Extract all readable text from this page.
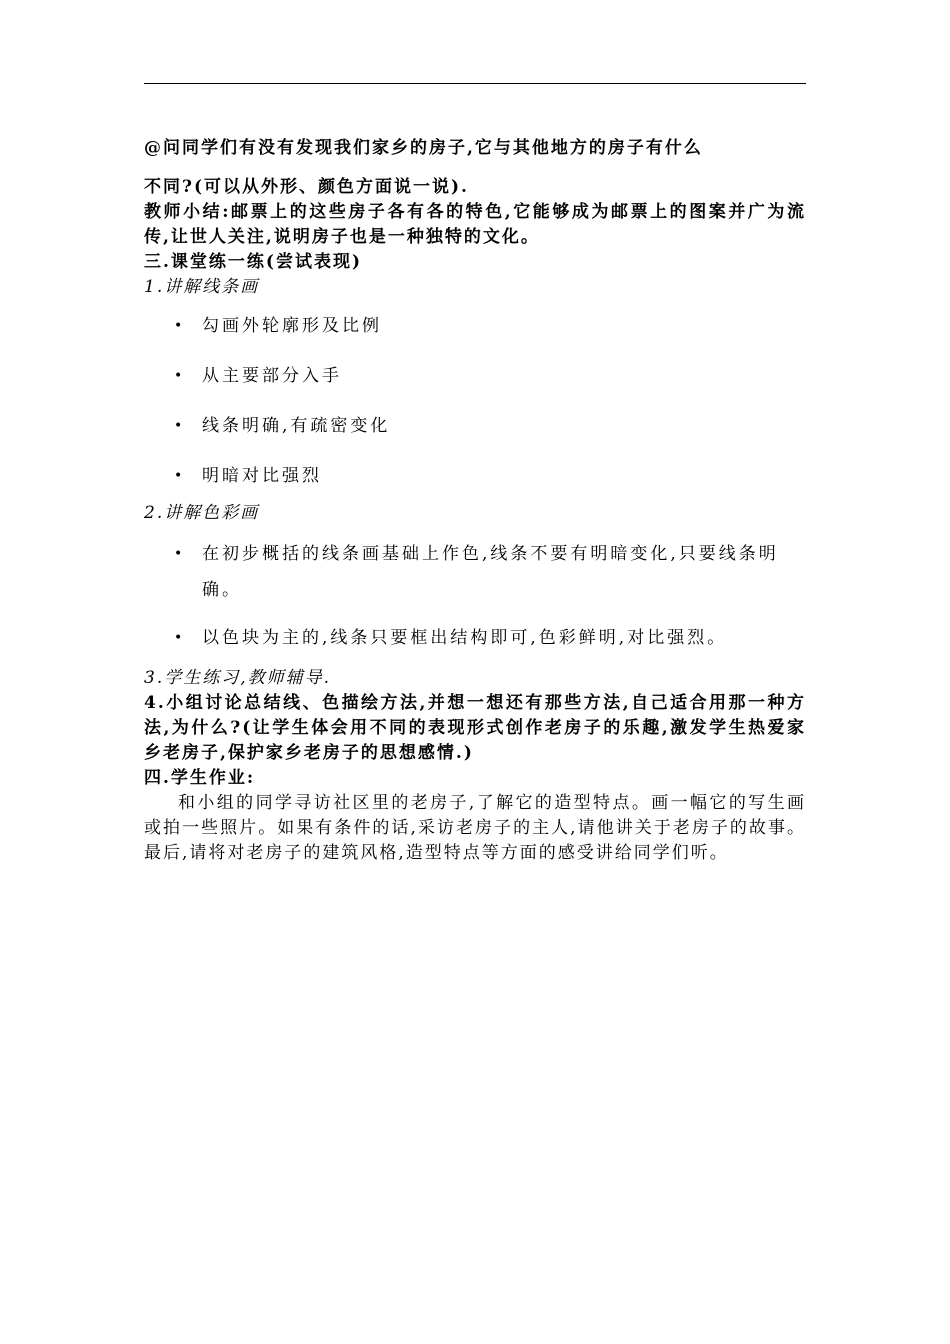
@问同学们有没有发现我们家乡的房子,它与其他地方的房子有什么
不同?(可以从外形、颜色方面说一说).
教师小结:邮票上的这些房子各有各的特色,它能够成为邮票上的图案并广为流传,让世人关注,说明房子也是一种独特的文化。
三.课堂练一练(尝试表现)
1.讲解线条画
• 勾画外轮廓形及比例
• 从主要部分入手
• 线条明确,有疏密变化
• 明暗对比强烈
2.讲解色彩画
• 在初步概括的线条画基础上作色,线条不要有明暗变化,只要线条明确。
• 以色块为主的,线条只要框出结构即可,色彩鲜明,对比强烈。
3.学生练习,教师辅导.
4.小组讨论总结线、色描绘方法,并想一想还有那些方法,自己适合用那一种方法,为什么?(让学生体会用不同的表现形式创作老房子的乐趣,激发学生热爱家乡老房子,保护家乡老房子的思想感情.)
四.学生作业:
和小组的同学寻访社区里的老房子,了解它的造型特点。画一幅它的写生画或拍一些照片。如果有条件的话,采访老房子的主人,请他讲关于老房子的故事。最后,请将对老房子的建筑风格,造型特点等方面的感受讲给同学们听。
